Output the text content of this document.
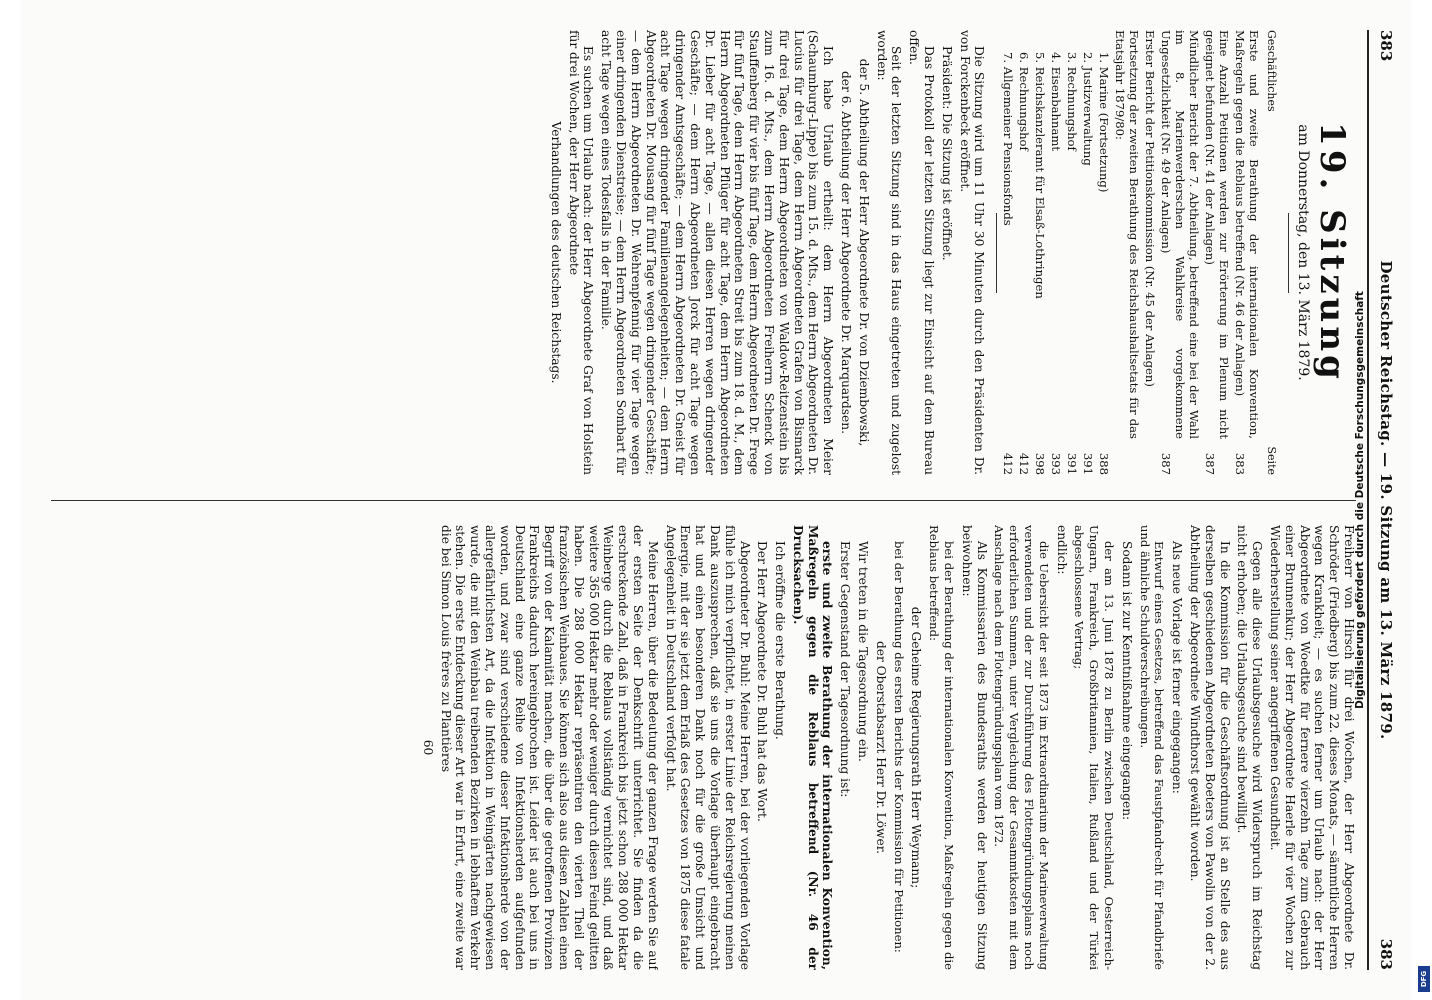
383
Deutscher Reichstag. — 19. Sitzung am 13. März 1879.
383
19. Sitzung
am Donnerstag, den 13. März 1879.
Geschäftliches
Seite
Erste und zweite Berathung der internationalen Konvention, Maßregeln gegen die Reblaus betreffend (Nr. 46 der Anlagen)
383
Eine Anzahl Petitionen werden zur Erörterung im Plenum nicht geeignet befunden (Nr. 41 der Anlagen)
387
Mündlicher Bericht der 7. Abtheilung, betreffend eine bei der Wahl im 8. Marienwerderschen Wahlkreise vorgekommene Ungesetzlichkeit (Nr. 49 der Anlagen)
387
Erster Bericht der Petitionskommission (Nr. 45 der Anlagen)
Fortsetzung der zweiten Berathung des Reichshaushaltsetats für das Etatsjahr 1879/80:
1. Marine (Fortsetzung)
388
2. Justizverwaltung
391
3. Rechnungshof
391
4. Eisenbahnamt
393
5. Reichskanzleramt für Elsaß-Lothringen
398
6. Rechnungshof
412
7. Allgemeiner Pensionsfonds
412

Die Sitzung wird um 11 Uhr 30 Minuten durch den Präsidenten Dr. von Forckenbeck eröffnet.

Präsident: Die Sitzung ist eröffnet.

Das Protokoll der letzten Sitzung liegt zur Einsicht auf dem Bureau offen.

Seit der letzten Sitzung sind in das Haus eingetreten und zugelost worden:

der 5. Abtheilung der Herr Abgeordnete Dr. von Dziembowski,

der 6. Abtheilung der Herr Abgeordnete Dr. Marquardsen.

Ich habe Urlaub ertheilt: dem Herrn Abgeordneten Meier (Schaumburg-Lippe) bis zum 15. d. Mts., dem Herrn Abgeordneten Dr. Lucius für drei Tage, dem Herrn Abgeordneten Grafen von Bismarck für drei Tage, dem Herrn Abgeordneten von Waldow-Reitzenstein bis zum 16. d. Mts., dem Herrn Abgeordneten Freiherrn Schenck von Stauffenberg für vier bis fünf Tage, dem Herrn Abgeordneten Dr. Frege für fünf Tage, dem Herrn Abgeordneten Streit bis zum 18. d. M., dem Herrn Abgeordneten Pflüger für acht Tage, dem Herrn Abgeordneten Dr. Lieber für acht Tage, — allen diesen Herren wegen dringender Geschäfte; — dem Herrn Abgeordneten Jorck für acht Tage wegen dringender Amtsgeschäfte; — dem Herrn Abgeordneten Dr. Gneist für acht Tage wegen dringender Familienangelegenheiten; — dem Herrn Abgeordneten Dr. Mousang für fünf Tage wegen dringender Geschäfte; — dem Herrn Abgeordneten Dr. Wehrenpfennig für vier Tage wegen einer dringenden Dienstreise; — dem Herrn Abgeordneten Sombart für acht Tage wegen eines Todesfalls in der Familie.

Es suchen um Urlaub nach: der Herr Abgeordnete Graf von Holstein für drei Wochen, der Herr Abgeordnete

Verhandlungen des deutschen Reichstags.

Freiherr von Hirsch für drei Wochen, der Herr Abgeordnete Dr. Schröder (Friedberg) bis zum 22. dieses Monats, — sämmtliche Herren wegen Krankheit; — es suchen ferner um Urlaub nach: der Herr Abgeordnete von Woedtke für fernere vierzehn Tage zum Gebrauch einer Brunnenkur; der Herr Abgeordnete Haerle für vier Wochen zur Wiederherstellung seiner angegriffenen Gesundheit.

Gegen alle diese Urlaubsgesuche wird Widerspruch im Reichstag nicht erhoben; die Urlaubsgesuche sind bewilligt.

In die Kommission für die Geschäftsordnung ist an Stelle des aus derselben geschiedenen Abgeordneten Boeters von Pawolin von der 2. Abtheilung der Abgeordnete Windthorst gewählt worden.

Als neue Vorlage ist ferner eingegangen:

Entwurf eines Gesetzes, betreffend das Faustpfandrecht für Pfandbriefe und ähnliche Schuldverschreibungen.

Sodann ist zur Kenntnißnahme eingegangen:

der am 13. Juni 1878 zu Berlin zwischen Deutschland, Oesterreich-Ungarn, Frankreich, Großbritannien, Italien, Rußland und der Türkei abgeschlossene Vertrag;

endlich:

die Uebersicht der seit 1873 im Extraordinarium der Marineverwaltung verwendeten und der zur Durchführung des Flottengründungsplans noch erforderlichen Summen, unter Vergleichung der Gesammtkosten mit dem Anschlage nach dem Flottengründungsplan vom 1872.

Als Kommissarien des Bundesraths werden der heutigen Sitzung beiwohnen:

bei der Berathung der internationalen Konvention, Maßregeln gegen die Reblaus betreffend:

der Geheime Regierungsrath Herr Weymann;

bei der Berathung des ersten Berichts der Kommission für Petitionen:

der Oberstabsarzt Herr Dr. Löwer.

Wir treten in die Tagesordnung ein.

Erster Gegenstand der Tagesordnung ist:

erste und zweite Berathung der internationalen Konvention, Maßregeln gegen die Reblaus betreffend (Nr. 46 der Drucksachen).

Ich eröffne die erste Berathung.

Der Herr Abgeordnete Dr. Buhl hat das Wort.

Abgeordneter Dr. Buhl: Meine Herren, bei der vorliegenden Vorlage fühle ich mich verpflichtet, in erster Linie der Reichsregierung meinen Dank auszusprechen, daß sie uns die Vorlage überhaupt eingebracht hat und einen besonderen Dank noch für die große Umsicht und Energie, mit der sie jetzt dem Erlaß des Gesetzes von 1875 diese fatale Angelegenheit in Deutschland verfolgt hat.

Meine Herren, über die Bedeutung der ganzen Frage werden Sie auf der ersten Seite der Denkschrift unterrichtet. Sie finden da die erschreckende Zahl, daß in Frankreich bis jetzt schon 288 000 Hektar Weinberge durch die Reblaus vollständig vernichtet sind, und daß weitere 365 000 Hektar mehr oder weniger durch diesen Feind gelitten haben. Die 288 000 Hektar repräsentiren den vierten Theil der französischen Weinbaues. Sie können sich also aus diesen Zahlen einen Begriff von der Kalamität machen, die über die getroffenen Provinzen Frankreichs dadurch hereingebrochen ist. Leider ist auch bei uns in Deutschland eine ganze Reihe von Infektionsherden aufgefunden worden, und zwar sind verschiedene dieser Infektionsherde von der allergefährlichsten Art, da die Infektion in Weingärten nachgewiesen wurde, die mit den Weinbau treibenden Bezirken in lebhaftem Verkehr stehen. Die erste Entdeckung dieser Art war in Erfurt, eine zweite war die bei Simon Louis frères zu Plantières

60

Digitalisierung gefördert durch die Deutsche Forschungsgemeinschaft
DFG
